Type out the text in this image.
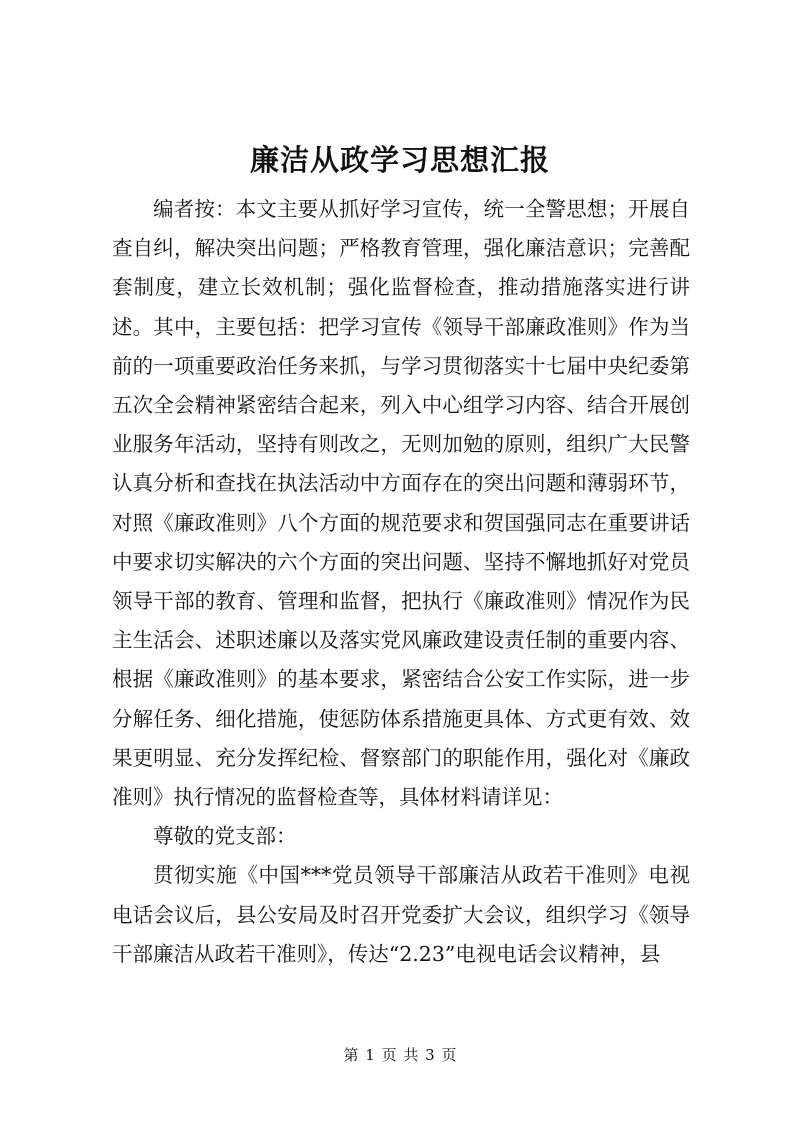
廉洁从政学习思想汇报

编者按：本文主要从抓好学习宣传，统一全警思想；开展自查自纠，解决突出问题；严格教育管理，强化廉洁意识；完善配套制度，建立长效机制；强化监督检查，推动措施落实进行讲述。其中，主要包括：把学习宣传《领导干部廉政准则》作为当前的一项重要政治任务来抓，与学习贯彻落实十七届中央纪委第五次全会精神紧密结合起来，列入中心组学习内容、结合开展创业服务年活动，坚持有则改之，无则加勉的原则，组织广大民警认真分析和查找在执法活动中方面存在的突出问题和薄弱环节，对照《廉政准则》八个方面的规范要求和贺国强同志在重要讲话中要求切实解决的六个方面的突出问题、坚持不懈地抓好对党员领导干部的教育、管理和监督，把执行《廉政准则》情况作为民主生活会、述职述廉以及落实党风廉政建设责任制的重要内容、根据《廉政准则》的基本要求，紧密结合公安工作实际，进一步分解任务、细化措施，使惩防体系措施更具体、方式更有效、效果更明显、充分发挥纪检、督察部门的职能作用，强化对《廉政准则》执行情况的监督检查等，具体材料请详见：

尊敬的党支部：

贯彻实施《中国***党员领导干部廉洁从政若干准则》电视电话会议后，县公安局及时召开党委扩大会议，组织学习《领导干部廉洁从政若干准则》，传达“2.23”电视电话会议精神，县

第 1 页 共 3 页
